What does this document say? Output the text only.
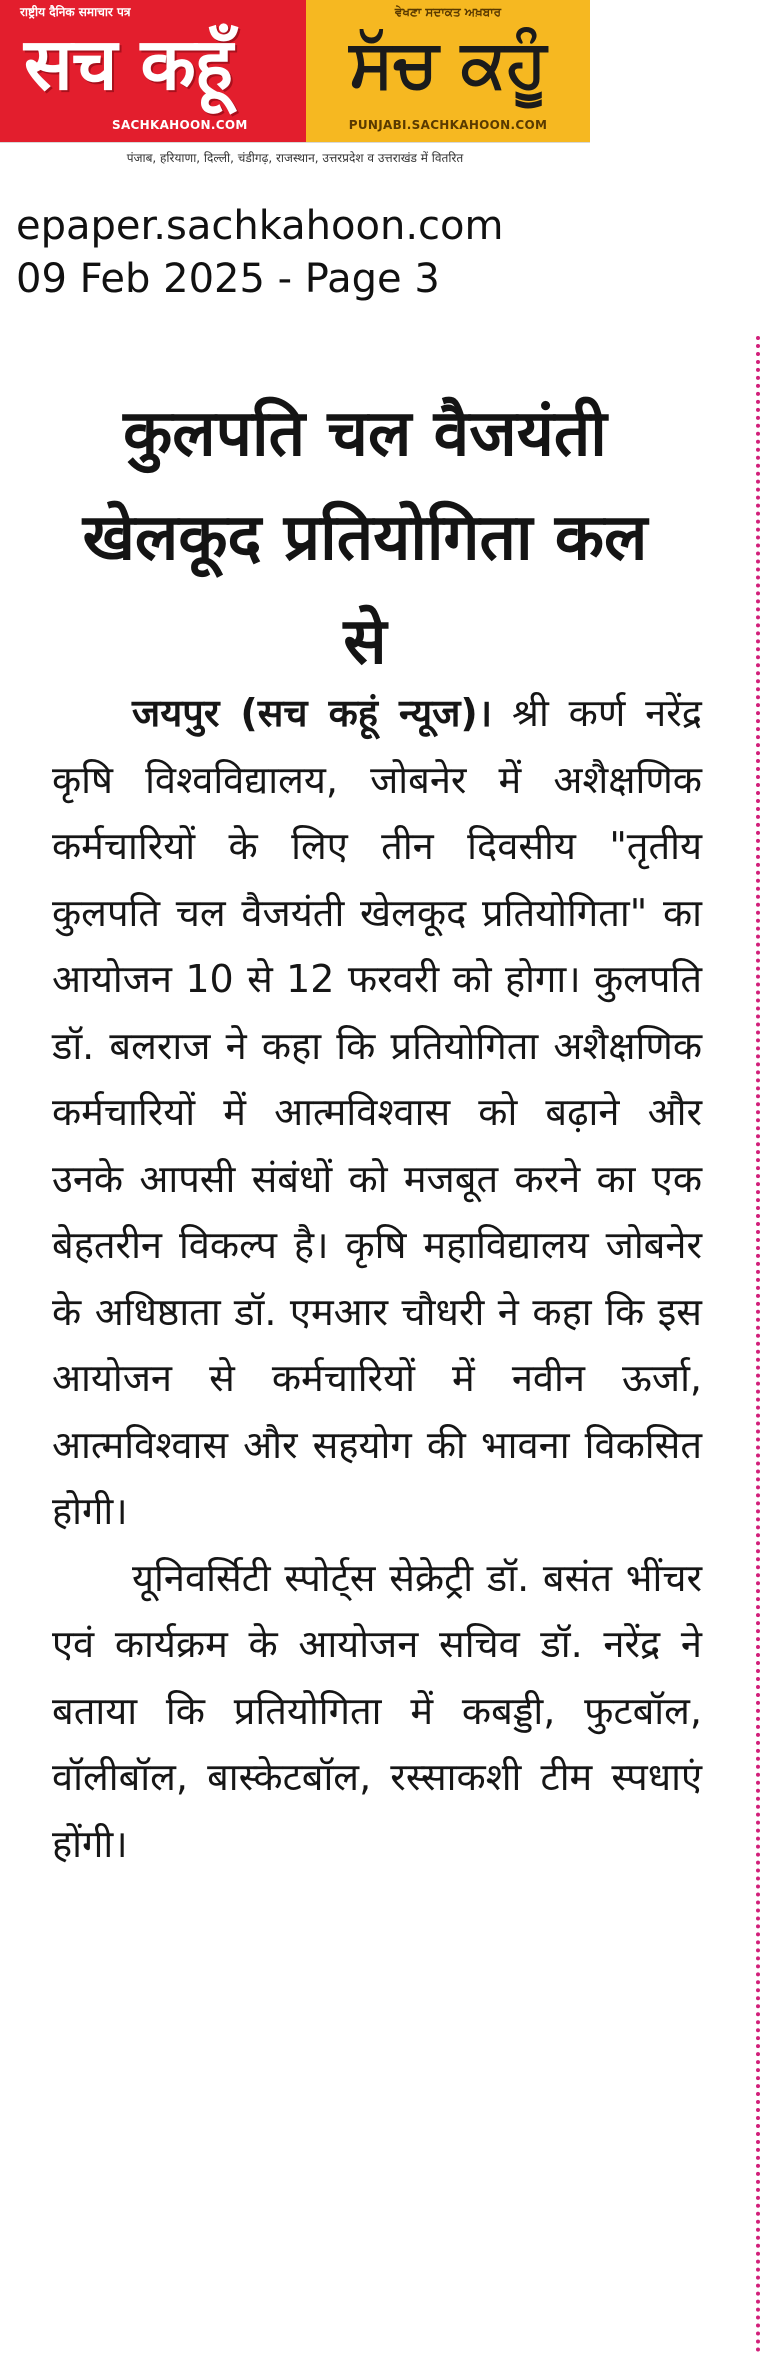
राष्ट्रीय दैनिक समाचार पत्र
सच कहूँ
SACHKAHOON.COM
ਵੇਖਣਾ ਸਦਾਕਤ ਅਖ਼ਬਾਰ
ਸੱਚ ਕਹੂੰ
PUNJABI.SACHKAHOON.COM
पंजाब, हरियाणा, दिल्ली, चंडीगढ़, राजस्थान, उत्तरप्रदेश व उत्तराखंड में वितरित
epaper.sachkahoon.com
09 Feb 2025 - Page 3
कुलपति चल वैजयंती खेलकूद प्रतियोगिता कल से

जयपुर (सच कहूं न्यूज)। श्री कर्ण नरेंद्र कृषि विश्वविद्यालय, जोबनेर में अशैक्षणिक कर्मचारियों के लिए तीन दिवसीय "तृतीय कुलपति चल वैजयंती खेलकूद प्रतियोगिता" का आयोजन 10 से 12 फरवरी को होगा। कुलपति डॉ. बलराज ने कहा कि प्रतियोगिता अशैक्षणिक कर्मचारियों में आत्मविश्वास को बढ़ाने और उनके आपसी संबंधों को मजबूत करने का एक बेहतरीन विकल्प है। कृषि महाविद्यालय जोबनेर के अधिष्ठाता डॉ. एमआर चौधरी ने कहा कि इस आयोजन से कर्मचारियों में नवीन ऊर्जा, आत्मविश्वास और सहयोग की भावना विकसित होगी।

यूनिवर्सिटी स्पोर्ट्स सेक्रेट्री डॉ. बसंत भींचर एवं कार्यक्रम के आयोजन सचिव डॉ. नरेंद्र ने बताया कि प्रतियोगिता में कबड्डी, फुटबॉल, वॉलीबॉल, बास्केटबॉल, रस्साकशी टीम स्पधाएं होंगी।
